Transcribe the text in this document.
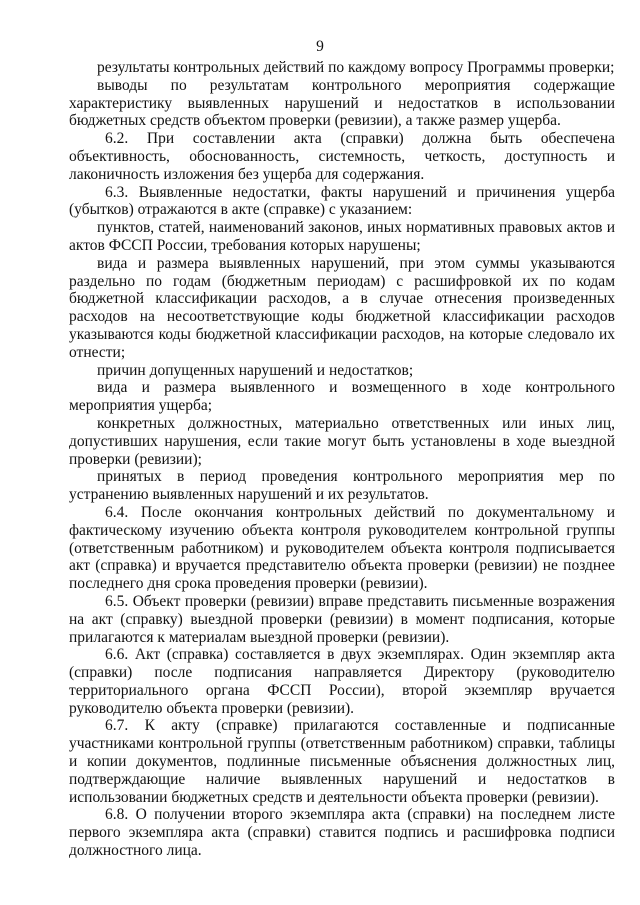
9

результаты контрольных действий по каждому вопросу Программы проверки;

выводы по результатам контрольного мероприятия содержащие характеристику выявленных нарушений и недостатков в использовании бюджетных средств объектом проверки (ревизии), а также размер ущерба.

6.2. При составлении акта (справки) должна быть обеспечена объективность, обоснованность, системность, четкость, доступность и лаконичность изложения без ущерба для содержания.

6.3. Выявленные недостатки, факты нарушений и причинения ущерба (убытков) отражаются в акте (справке) с указанием:

пунктов, статей, наименований законов, иных нормативных правовых актов и актов ФССП России, требования которых нарушены;

вида и размера выявленных нарушений, при этом суммы указываются раздельно по годам (бюджетным периодам) с расшифровкой их по кодам бюджетной классификации расходов, а в случае отнесения произведенных расходов на несоответствующие коды бюджетной классификации расходов указываются коды бюджетной классификации расходов, на которые следовало их отнести;

причин допущенных нарушений и недостатков;

вида и размера выявленного и возмещенного в ходе контрольного мероприятия ущерба;

конкретных должностных, материально ответственных или иных лиц, допустивших нарушения, если такие могут быть установлены в ходе выездной проверки (ревизии);

принятых в период проведения контрольного мероприятия мер по устранению выявленных нарушений и их результатов.

6.4. После окончания контрольных действий по документальному и фактическому изучению объекта контроля руководителем контрольной группы (ответственным работником) и руководителем объекта контроля подписывается акт (справка) и вручается представителю объекта проверки (ревизии) не позднее последнего дня срока проведения проверки (ревизии).

6.5. Объект проверки (ревизии) вправе представить письменные возражения на акт (справку) выездной проверки (ревизии) в момент подписания, которые прилагаются к материалам выездной проверки (ревизии).

6.6. Акт (справка) составляется в двух экземплярах. Один экземпляр акта (справки) после подписания направляется Директору (руководителю территориального органа ФССП России), второй экземпляр вручается руководителю объекта проверки (ревизии).

6.7. К акту (справке) прилагаются составленные и подписанные участниками контрольной группы (ответственным работником) справки, таблицы и копии документов, подлинные письменные объяснения должностных лиц, подтверждающие наличие выявленных нарушений и недостатков в использовании бюджетных средств и деятельности объекта проверки (ревизии).

6.8. О получении второго экземпляра акта (справки) на последнем листе первого экземпляра акта (справки) ставится подпись и расшифровка подписи должностного лица.
